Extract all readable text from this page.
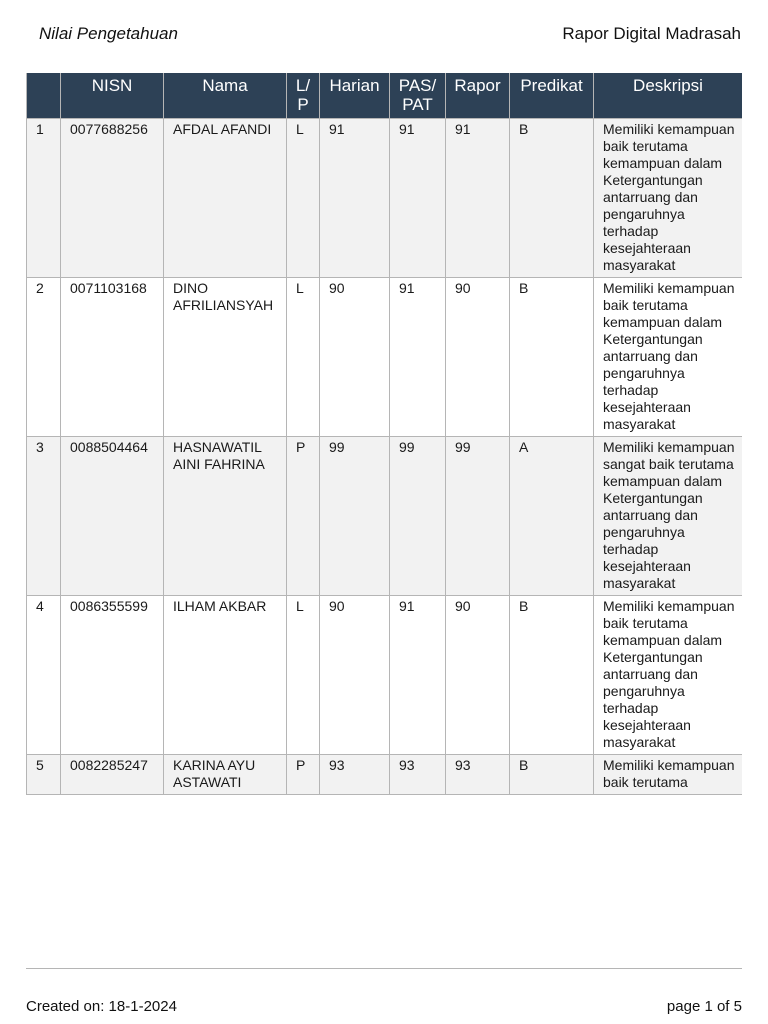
Nilai Pengetahuan	Rapor Digital Madrasah
	NISN	Nama	L/ P	Harian	PAS/ PAT	Rapor	Predikat	Deskripsi
1	0077688256	AFDAL AFANDI	L	91	91	91	B	Memiliki kemampuan baik terutama kemampuan dalam Ketergantungan antarruang dan pengaruhnya terhadap kesejahteraan masyarakat
2	0071103168	DINO AFRILIANSYAH	L	90	91	90	B	Memiliki kemampuan baik terutama kemampuan dalam Ketergantungan antarruang dan pengaruhnya terhadap kesejahteraan masyarakat
3	0088504464	HASNAWATIL AINI FAHRINA	P	99	99	99	A	Memiliki kemampuan sangat baik terutama kemampuan dalam Ketergantungan antarruang dan pengaruhnya terhadap kesejahteraan masyarakat
4	0086355599	ILHAM AKBAR	L	90	91	90	B	Memiliki kemampuan baik terutama kemampuan dalam Ketergantungan antarruang dan pengaruhnya terhadap kesejahteraan masyarakat
5	0082285247	KARINA AYU ASTAWATI	P	93	93	93	B	Memiliki kemampuan baik terutama
Created on: 18-1-2024	page 1 of 5
